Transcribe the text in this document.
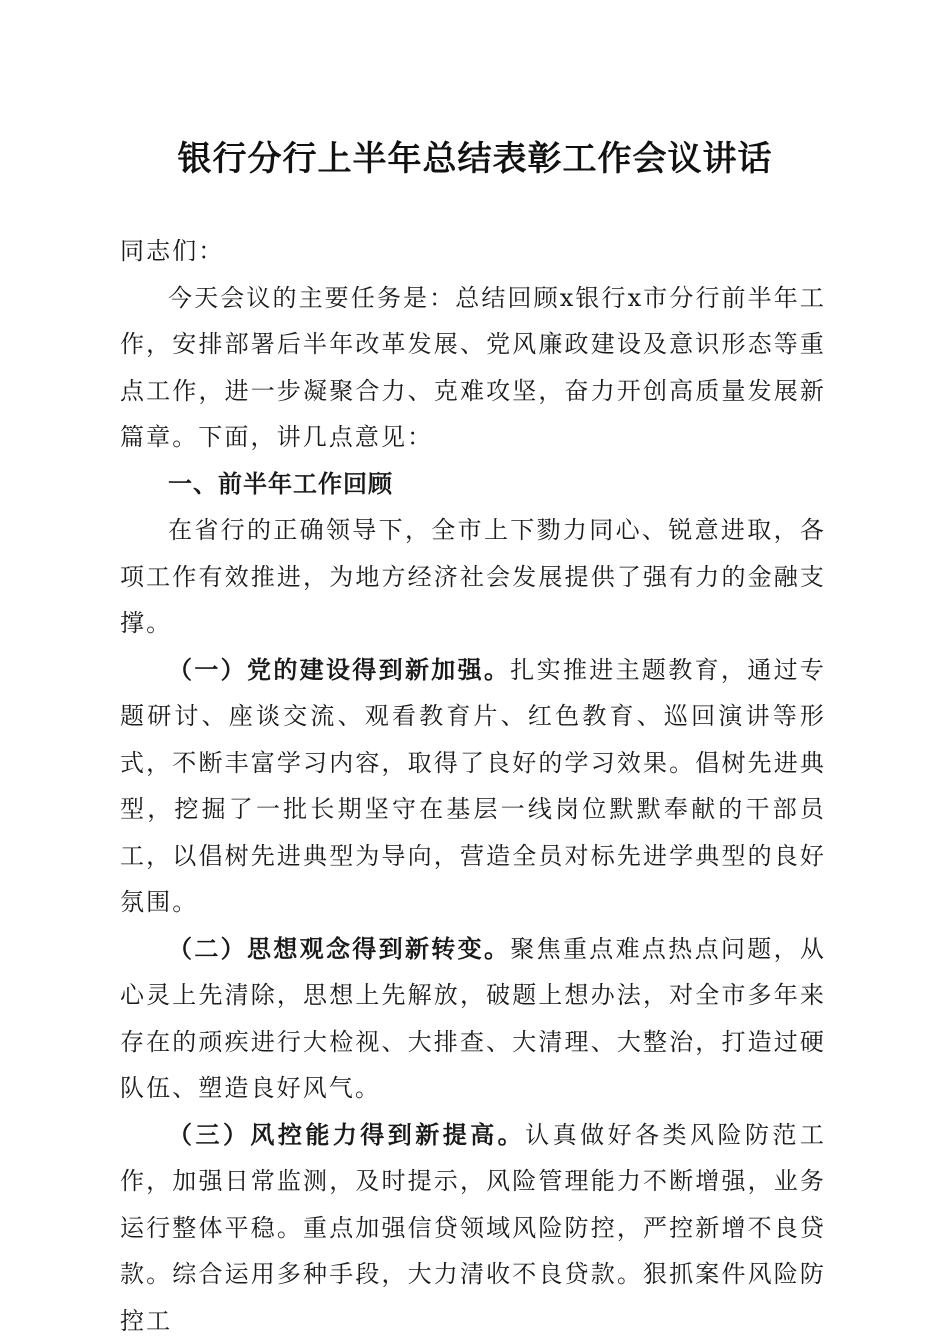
银行分行上半年总结表彰工作会议讲话

同志们：

今天会议的主要任务是：总结回顾x银行x市分行前半年工作，安排部署后半年改革发展、党风廉政建设及意识形态等重点工作，进一步凝聚合力、克难攻坚，奋力开创高质量发展新篇章。下面，讲几点意见：

一、前半年工作回顾

在省行的正确领导下，全市上下勠力同心、锐意进取，各项工作有效推进，为地方经济社会发展提供了强有力的金融支撑。

（一）党的建设得到新加强。扎实推进主题教育，通过专题研讨、座谈交流、观看教育片、红色教育、巡回演讲等形式，不断丰富学习内容，取得了良好的学习效果。倡树先进典型，挖掘了一批长期坚守在基层一线岗位默默奉献的干部员工，以倡树先进典型为导向，营造全员对标先进学典型的良好氛围。

（二）思想观念得到新转变。聚焦重点难点热点问题，从心灵上先清除，思想上先解放，破题上想办法，对全市多年来存在的顽疾进行大检视、大排查、大清理、大整治，打造过硬队伍、塑造良好风气。

（三）风控能力得到新提高。认真做好各类风险防范工作，加强日常监测，及时提示，风险管理能力不断增强，业务运行整体平稳。重点加强信贷领域风险防控，严控新增不良贷款。综合运用多种手段，大力清收不良贷款。狠抓案件风险防控工
